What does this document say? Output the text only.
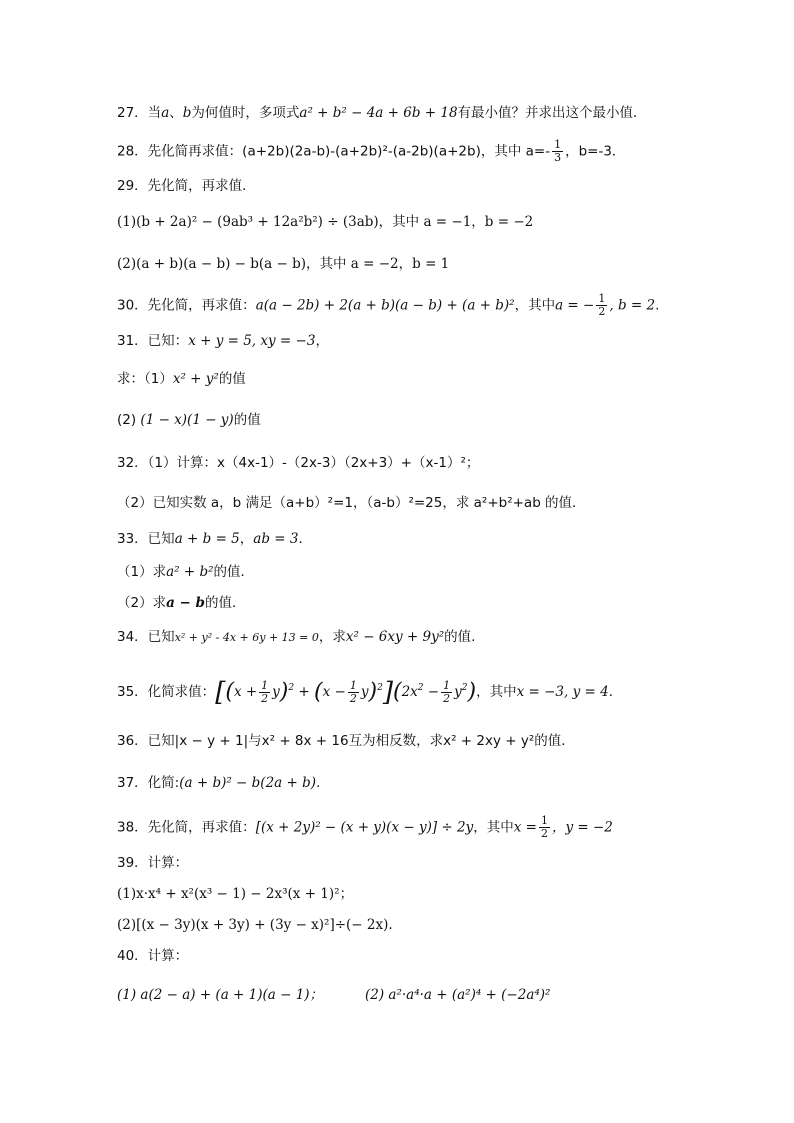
27．当a、b为何值时，多项式a² + b² − 4a + 6b + 18有最小值？并求出这个最小值．
28．先化简再求值：(a+2b)(2a-b)-(a+2b)²-(a-2b)(a+2b)，其中 $a=- \frac{1}{3}$ ，b=-3．
29．先化简，再求值．
(1)(b + 2a)² − (9ab³ + 12a²b²) ÷ (3ab)，其中 a = −1，b = −2
(2)(a + b)(a − b) − b(a − b)，其中 a = −2，b = 1
30．先化简，再求值：a(a − 2b) + 2(a + b)(a − b) + (a + b)²，其中a = − $\frac{1}{2}$ , b = 2.
31．已知：x + y = 5, xy = −3，
求：（1）x² + y²的值
(2) (1 − x)(1 − y)的值
32．（1）计算：x（4x-1）-（2x-3）（2x+3）+（x-1）²；
（2）已知实数 a，b 满足（a+b）²=1，（a-b）²=25，求 a²+b²+ab 的值．
33．已知a + b = 5，ab = 3．
（1）求a² + b²的值．
（2）求a − b的值．
34．已知x² + y² - 4x + 6y + 13 = 0，求x² − 6xy + 9y²的值.
35．化简求值：$[(x + \frac{1}{2} y)^2 + (x - \frac{1}{2} y)^2](2x^2 - \frac{1}{2} y^2)$，其中x = −3, y = 4．
36．已知|x − y + 1|与x² + 8x + 16互为相反数，求x² + 2xy + y²的值．
37．化简:(a + b)² − b(2a + b).
38．先化简，再求值：[(x + 2y)² − (x + y)(x − y)] ÷ 2y，其中$x = \frac{1}{2}$ ，y = −2
39．计算：
(1)x·x⁴ + x²(x³ − 1) − 2x³(x + 1)²；
(2)[(x − 3y)(x + 3y) + (3y − x)²]÷(− 2x).
40．计算：
(1) a(2 − a) + (a + 1)(a − 1)；	(2) a²·a⁴·a + (a²)⁴ + (−2a⁴)²
